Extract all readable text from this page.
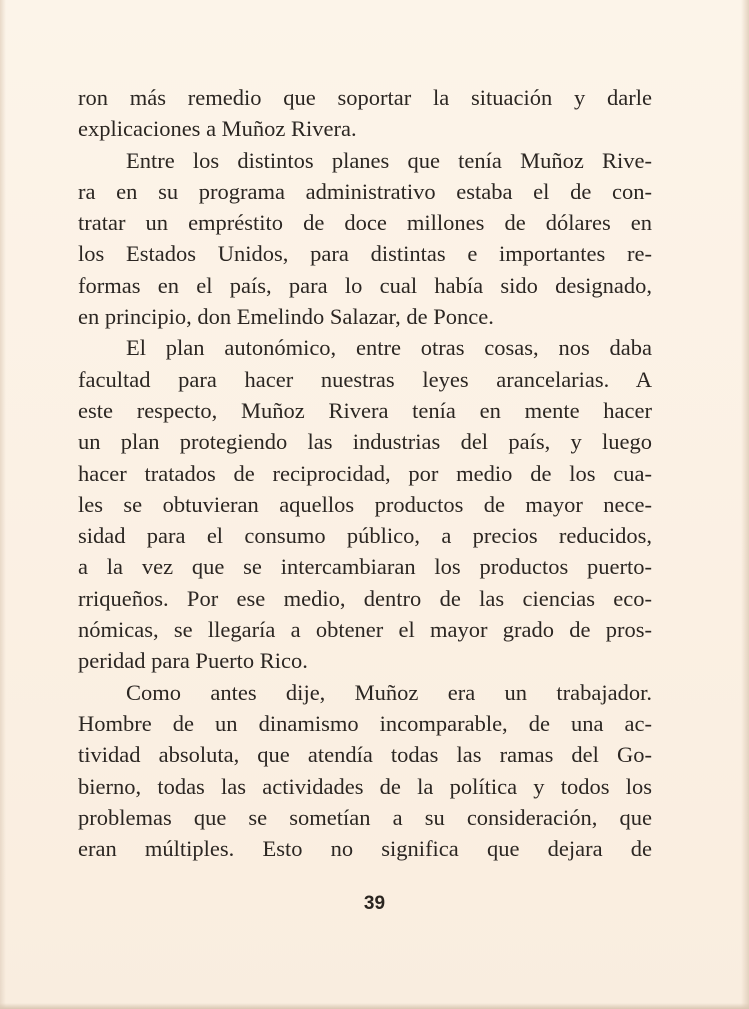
ron más remedio que soportar la situación y darle
explicaciones a Muñoz Rivera.
Entre los distintos planes que tenía Muñoz Rive-
ra en su programa administrativo estaba el de con-
tratar un empréstito de doce millones de dólares en
los Estados Unidos, para distintas e importantes re-
formas en el país, para lo cual había sido designado,
en principio, don Emelindo Salazar, de Ponce.
El plan autonómico, entre otras cosas, nos daba
facultad para hacer nuestras leyes arancelarias. A
este respecto, Muñoz Rivera tenía en mente hacer
un plan protegiendo las industrias del país, y luego
hacer tratados de reciprocidad, por medio de los cua-
les se obtuvieran aquellos productos de mayor nece-
sidad para el consumo público, a precios reducidos,
a la vez que se intercambiaran los productos puerto-
rriqueños. Por ese medio, dentro de las ciencias eco-
nómicas, se llegaría a obtener el mayor grado de pros-
peridad para Puerto Rico.
Como antes dije, Muñoz era un trabajador.
Hombre de un dinamismo incomparable, de una ac-
tividad absoluta, que atendía todas las ramas del Go-
bierno, todas las actividades de la política y todos los
problemas que se sometían a su consideración, que
eran múltiples. Esto no significa que dejara de
39
